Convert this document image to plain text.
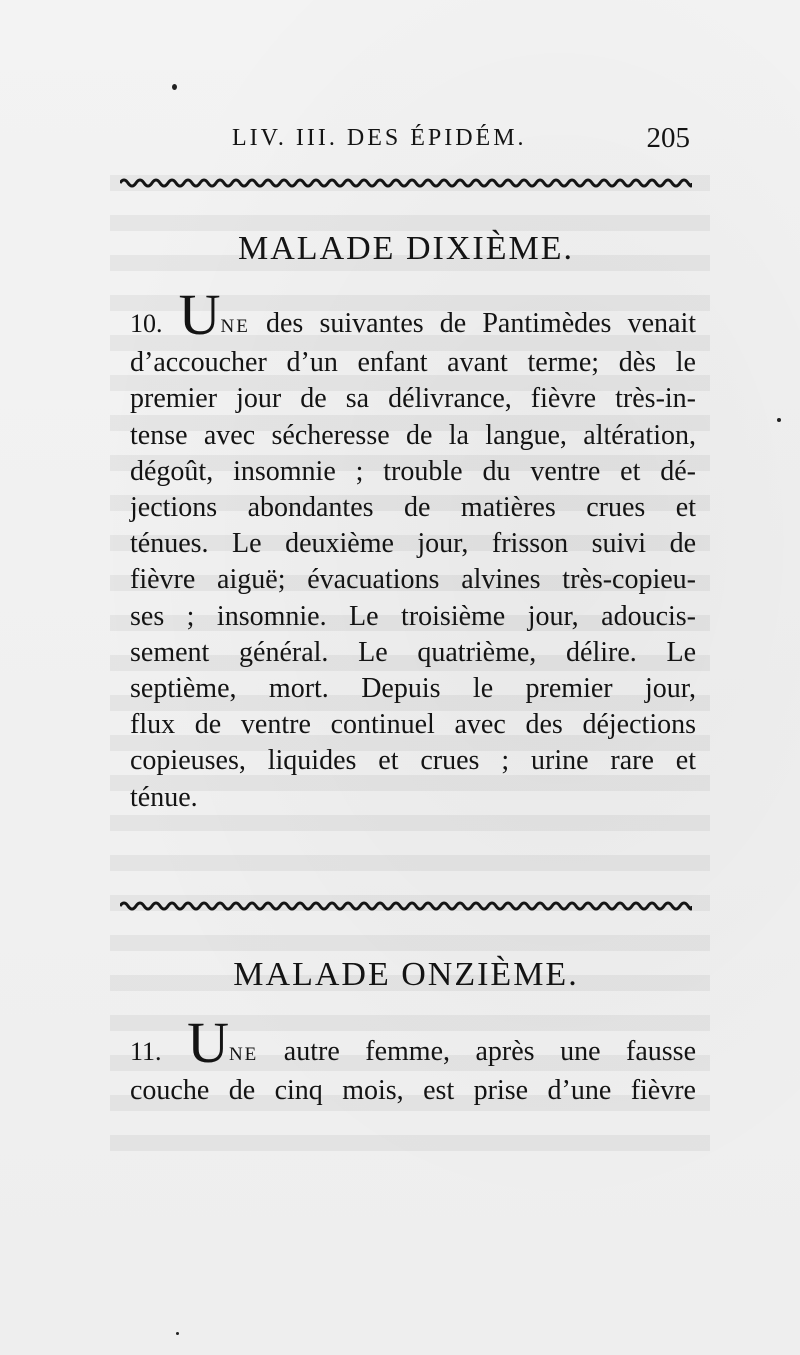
LIV. III. DES ÉPIDÉM.	205
MALADE DIXIÈME.
10. UNE des suivantes de Pantimèdes venait
d’accoucher d’un enfant avant terme; dès le
premier jour de sa délivrance, fièvre très-in-
tense avec sécheresse de la langue, altération,
dégoût, insomnie ; trouble du ventre et dé-
jections abondantes de matières crues et
ténues. Le deuxième jour, frisson suivi de
fièvre aiguë; évacuations alvines très-copieu-
ses ; insomnie. Le troisième jour, adoucis-
sement général. Le quatrième, délire. Le
septième, mort. Depuis le premier jour,
flux de ventre continuel avec des déjections
copieuses, liquides et crues ; urine rare et
ténue.
MALADE ONZIÈME.
11. UNE autre femme, après une fausse
couche de cinq mois, est prise d’une fièvre
